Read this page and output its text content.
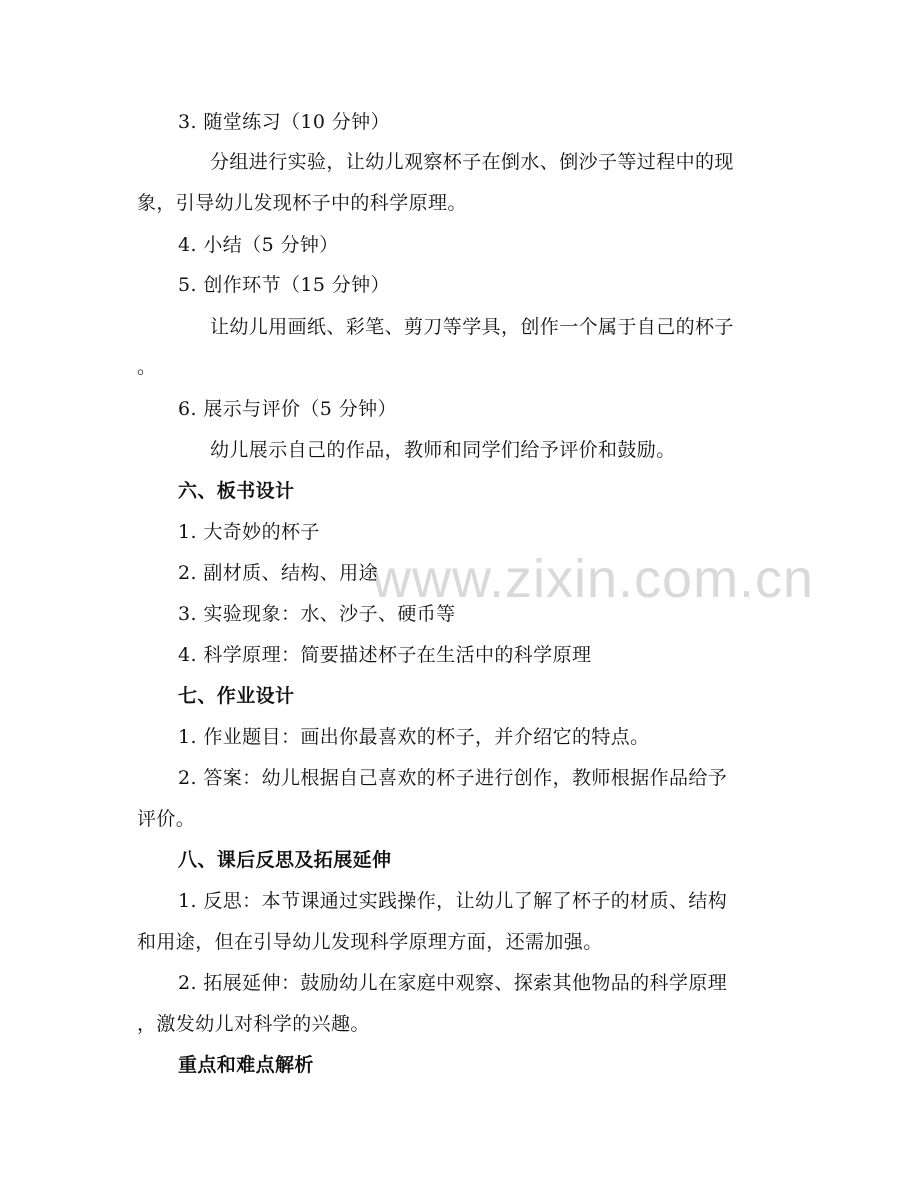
www.zixin.com.cn
3. 随堂练习（10 分钟）
分组进行实验，让幼儿观察杯子在倒水、倒沙子等过程中的现
象，引导幼儿发现杯子中的科学原理。
4. 小结（5 分钟）
5. 创作环节（15 分钟）
让幼儿用画纸、彩笔、剪刀等学具，创作一个属于自己的杯子
。
6. 展示与评价（5 分钟）
幼儿展示自己的作品，教师和同学们给予评价和鼓励。
六、板书设计
1. 大奇妙的杯子
2. 副材质、结构、用途
3. 实验现象：水、沙子、硬币等
4. 科学原理：简要描述杯子在生活中的科学原理
七、作业设计
1. 作业题目：画出你最喜欢的杯子，并介绍它的特点。
2. 答案：幼儿根据自己喜欢的杯子进行创作，教师根据作品给予
评价。
八、课后反思及拓展延伸
1. 反思：本节课通过实践操作，让幼儿了解了杯子的材质、结构
和用途，但在引导幼儿发现科学原理方面，还需加强。
2. 拓展延伸：鼓励幼儿在家庭中观察、探索其他物品的科学原理
，激发幼儿对科学的兴趣。
重点和难点解析
